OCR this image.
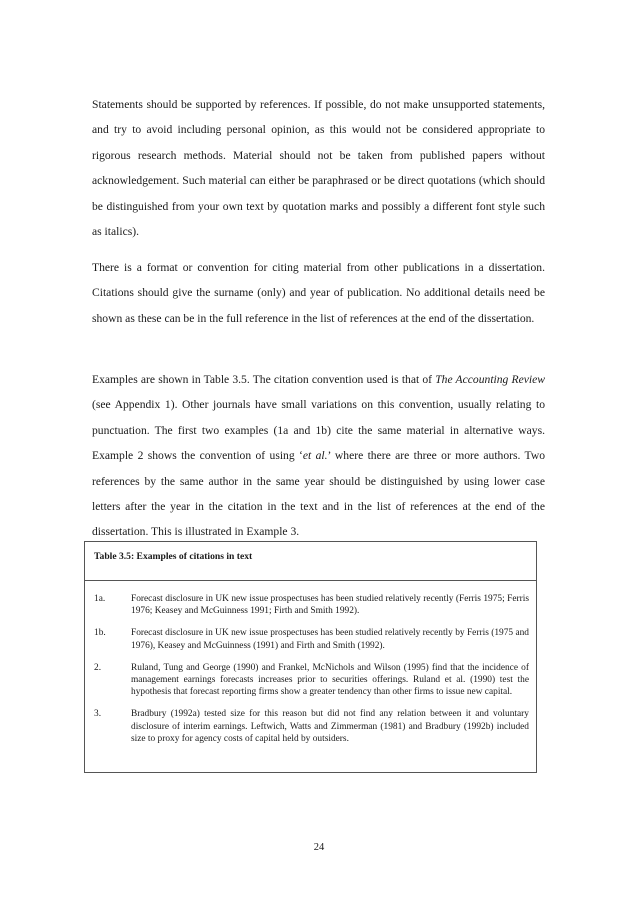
Statements should be supported by references. If possible, do not make unsupported statements, and try to avoid including personal opinion, as this would not be considered appropriate to rigorous research methods. Material should not be taken from published papers without acknowledgement. Such material can either be paraphrased or be direct quotations (which should be distinguished from your own text by quotation marks and possibly a different font style such as italics).

There is a format or convention for citing material from other publications in a dissertation. Citations should give the surname (only) and year of publication. No additional details need be shown as these can be in the full reference in the list of references at the end of the dissertation.

Examples are shown in Table 3.5. The citation convention used is that of The Accounting Review (see Appendix 1). Other journals have small variations on this convention, usually relating to punctuation. The first two examples (1a and 1b) cite the same material in alternative ways. Example 2 shows the convention of using ‘et al.’ where there are three or more authors. Two references by the same author in the same year should be distinguished by using lower case letters after the year in the citation in the text and in the list of references at the end of the dissertation. This is illustrated in Example 3.

Table 3.5: Examples of citations in text

1a.	Forecast disclosure in UK new issue prospectuses has been studied relatively recently (Ferris 1975; Ferris 1976; Keasey and McGuinness 1991; Firth and Smith 1992).
1b.	Forecast disclosure in UK new issue prospectuses has been studied relatively recently by Ferris (1975 and 1976), Keasey and McGuinness (1991) and Firth and Smith (1992).
2.	Ruland, Tung and George (1990) and Frankel, McNichols and Wilson (1995) find that the incidence of management earnings forecasts increases prior to securities offerings. Ruland et al. (1990) test the hypothesis that forecast reporting firms show a greater tendency than other firms to issue new capital.
3.	Bradbury (1992a) tested size for this reason but did not find any relation between it and voluntary disclosure of interim earnings. Leftwich, Watts and Zimmerman (1981) and Bradbury (1992b) included size to proxy for agency costs of capital held by outsiders.
24
